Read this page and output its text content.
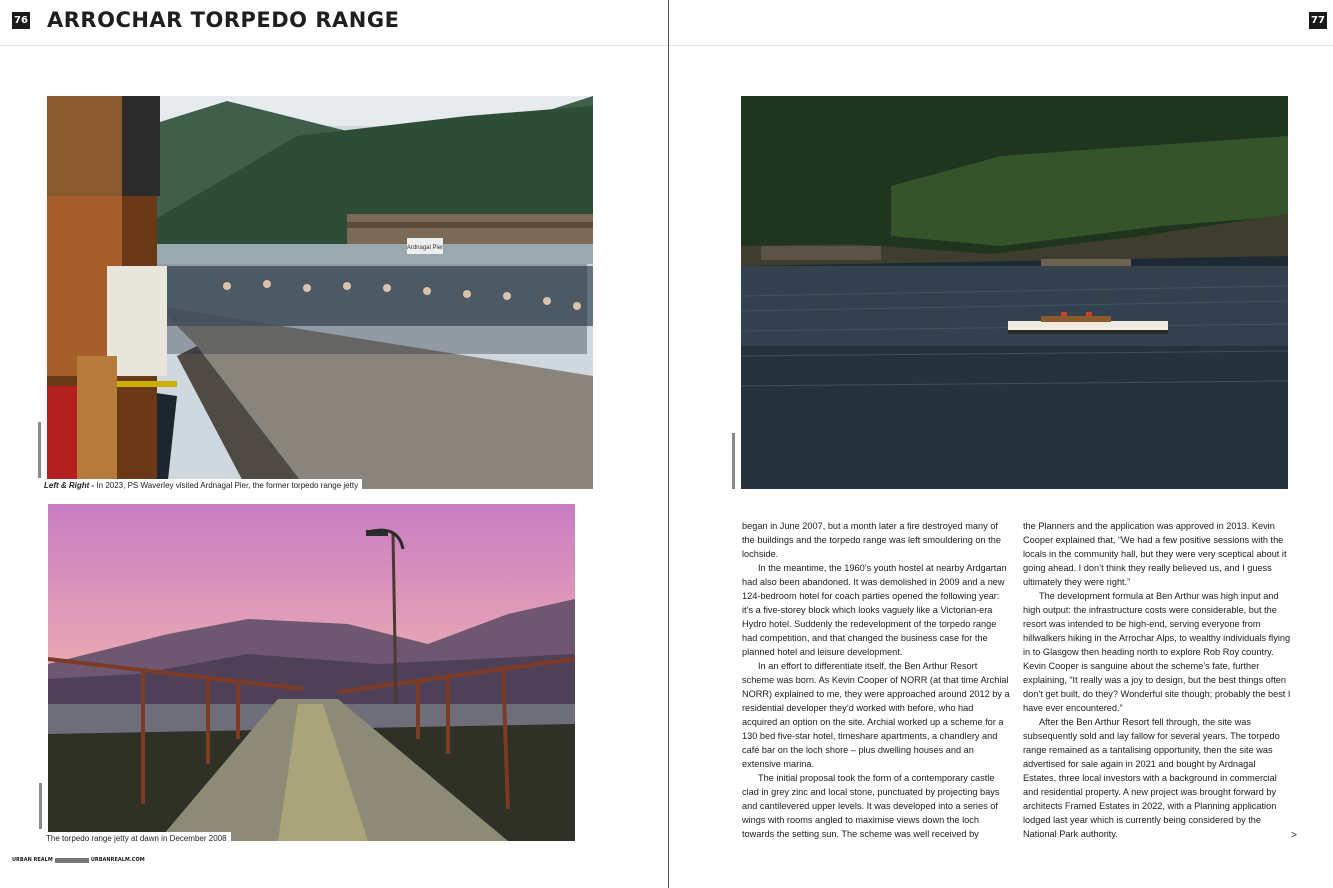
76 ARROCHAR TORPEDO RANGE
Ardnagal Pier
Left & Right - In 2023, PS Waverley visited Ardnagal Pier, the former torpedo range jetty
The torpedo range jetty at dawn in December 2008
URBAN REALM	URBANREALM.COM
77

began in June 2007, but a month later a fire destroyed many of the buildings and the torpedo range was left smouldering on the lochside.

In the meantime, the 1960’s youth hostel at nearby Ardgartan had also been abandoned. It was demolished in 2009 and a new 124-bedroom hotel for coach parties opened the following year: it’s a five-storey block which looks vaguely like a Victorian-era Hydro hotel. Suddenly the redevelopment of the torpedo range had competition, and that changed the business case for the planned hotel and leisure development.

In an effort to differentiate itself, the Ben Arthur Resort scheme was born. As Kevin Cooper of NORR (at that time Archial NORR) explained to me, they were approached around 2012 by a residential developer they’d worked with before, who had acquired an option on the site. Archial worked up a scheme for a 130 bed five-star hotel, timeshare apartments, a chandlery and café bar on the loch shore – plus dwelling houses and an extensive marina.

The initial proposal took the form of a contemporary castle clad in grey zinc and local stone, punctuated by projecting bays and cantilevered upper levels. It was developed into a series of wings with rooms angled to maximise views down the loch towards the setting sun. The scheme was well received by

the Planners and the application was approved in 2013. Kevin Cooper explained that, “We had a few positive sessions with the locals in the community hall, but they were very sceptical about it going ahead. I don’t think they really believed us, and I guess ultimately they were right.”

The development formula at Ben Arthur was high input and high output: the infrastructure costs were considerable, but the resort was intended to be high-end, serving everyone from hillwalkers hiking in the Arrochar Alps, to wealthy individuals flying in to Glasgow then heading north to explore Rob Roy country. Kevin Cooper is sanguine about the scheme’s fate, further explaining, “It really was a joy to design, but the best things often don’t get built, do they? Wonderful site though; probably the best I have ever encountered.”

After the Ben Arthur Resort fell through, the site was subsequently sold and lay fallow for several years. The torpedo range remained as a tantalising opportunity, then the site was advertised for sale again in 2021 and bought by Ardnagal Estates, three local investors with a background in commercial and residential property. A new project was brought forward by architects Framed Estates in 2022, with a Planning application lodged last year which is currently being considered by the National Park authority.	>
